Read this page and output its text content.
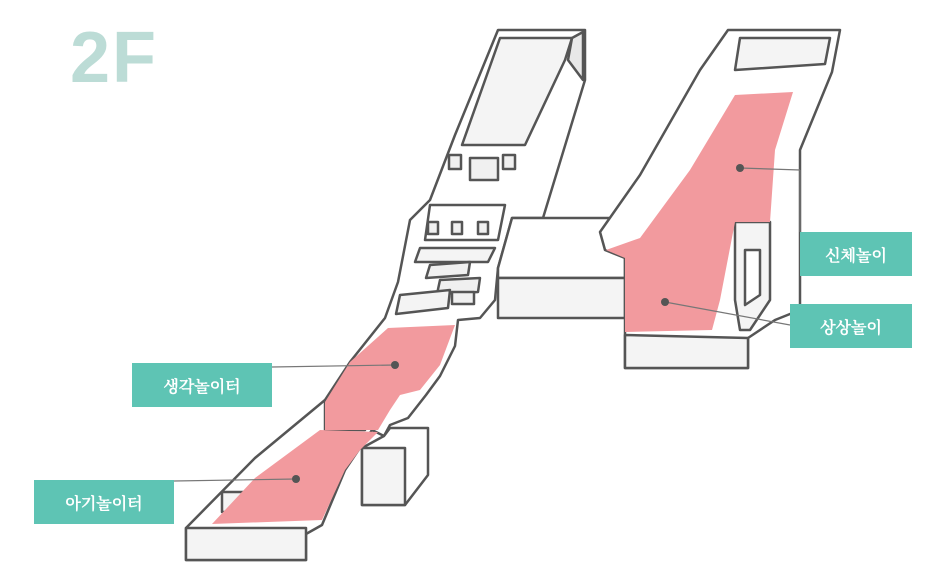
2F
신체놀이
상상놀이
생각놀이터
아기놀이터
